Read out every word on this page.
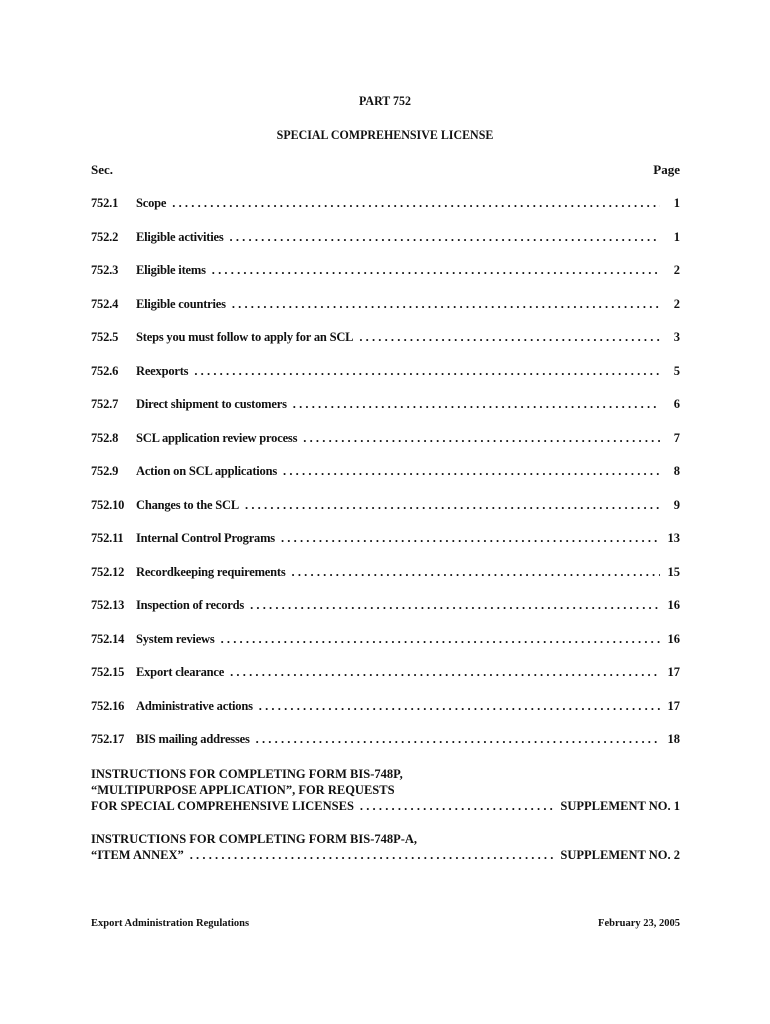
PART 752
SPECIAL COMPREHENSIVE LICENSE
Sec.	Page
752.1	Scope .....	1
752.2	Eligible activities .....	1
752.3	Eligible items .....	2
752.4	Eligible countries .....	2
752.5	Steps you must follow to apply for an SCL .....	3
752.6	Reexports .....	5
752.7	Direct shipment to customers .....	6
752.8	SCL application review process .....	7
752.9	Action on SCL applications .....	8
752.10 Changes to the SCL .....	9
752.11	Internal Control Programs .....	13
752.12 Recordkeeping requirements .....	15
752.13 Inspection of records .....	16
752.14 System reviews .....	16
752.15 Export clearance .....	17
752.16 Administrative actions .....	17
752.17 BIS mailing addresses .....	18
INSTRUCTIONS FOR COMPLETING FORM BIS-748P,
“MULTIPURPOSE APPLICATION”, FOR REQUESTS
FOR SPECIAL COMPREHENSIVE LICENSES .....	SUPPLEMENT NO. 1
INSTRUCTIONS FOR COMPLETING FORM BIS-748P-A,
“ITEM ANNEX” .....	SUPPLEMENT NO. 2
Export Administration Regulations	February 23, 2005
